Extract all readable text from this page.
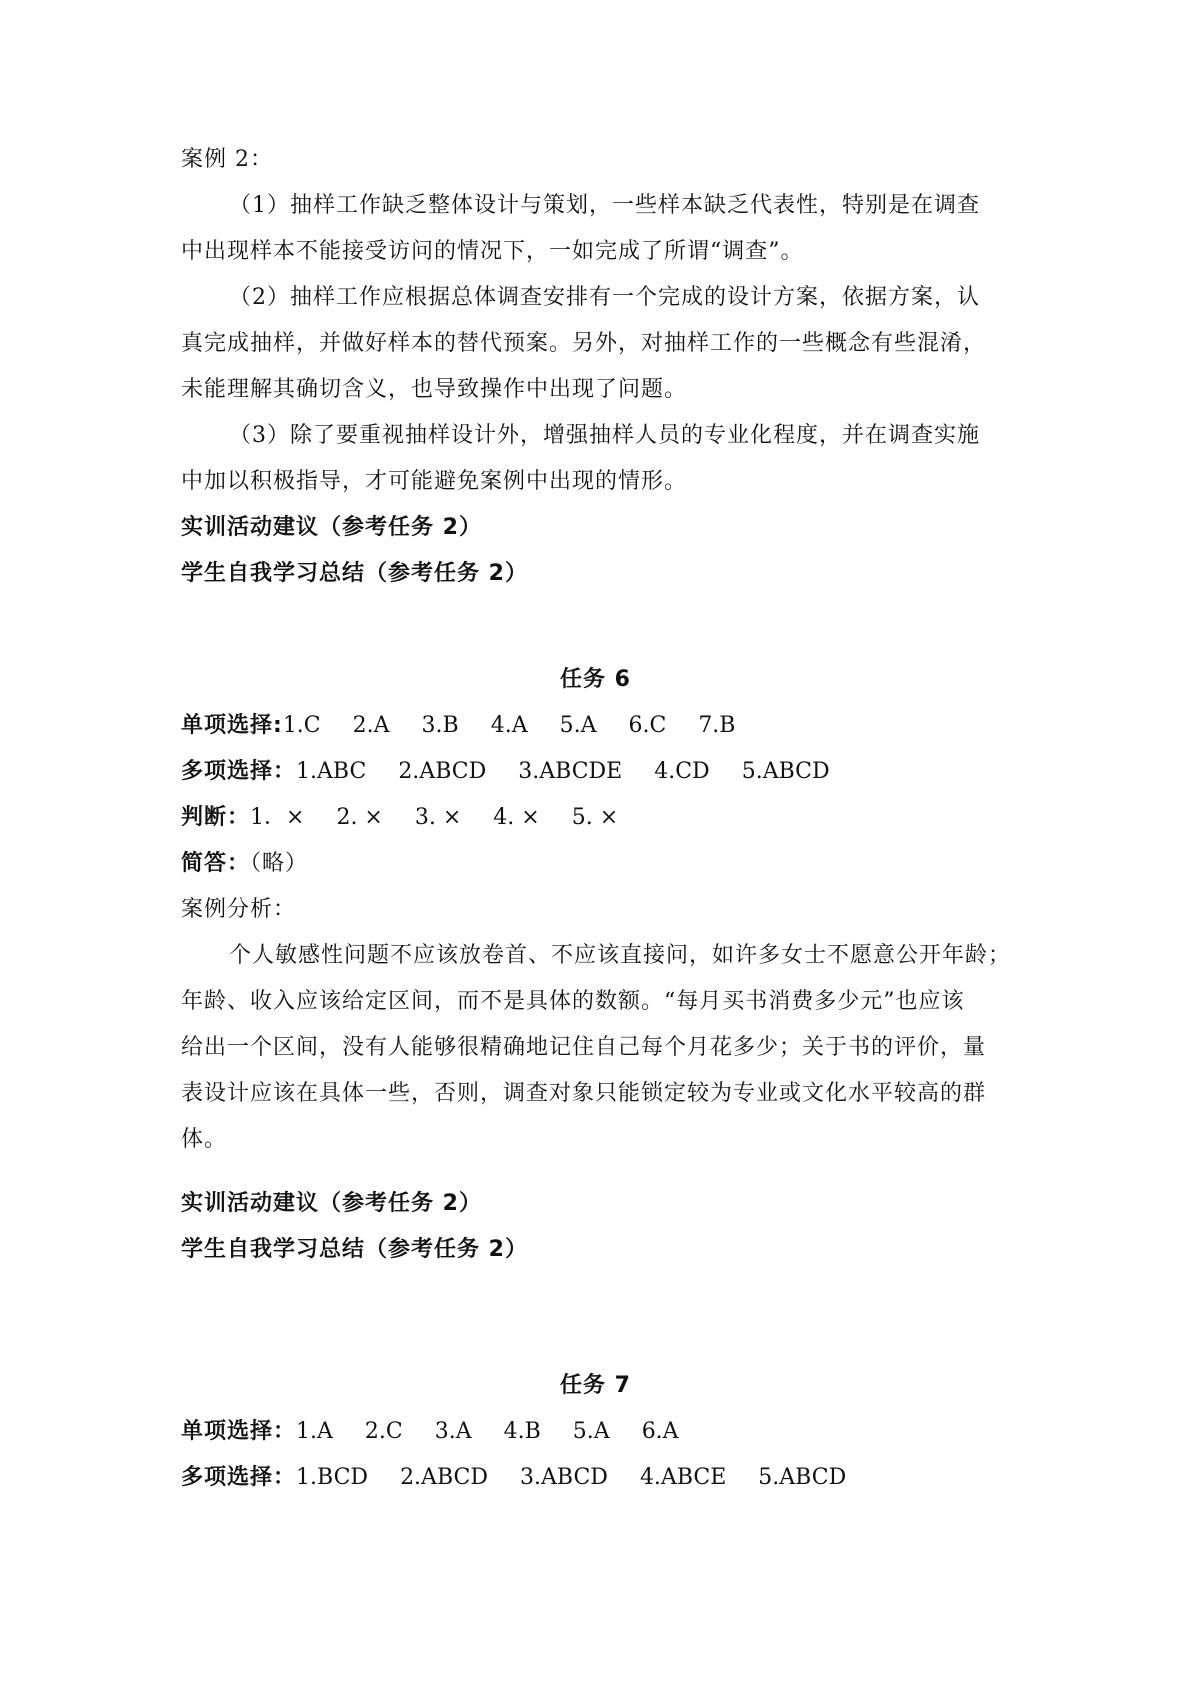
案例 2：
（1）抽样工作缺乏整体设计与策划，一些样本缺乏代表性，特别是在调查
中出现样本不能接受访问的情况下，一如完成了所谓“调查”。
（2）抽样工作应根据总体调查安排有一个完成的设计方案，依据方案，认
真完成抽样，并做好样本的替代预案。另外，对抽样工作的一些概念有些混淆，
未能理解其确切含义，也导致操作中出现了问题。
（3）除了要重视抽样设计外，增强抽样人员的专业化程度，并在调查实施
中加以积极指导，才可能避免案例中出现的情形。
实训活动建议（参考任务 2）
学生自我学习总结（参考任务 2）
任务 6
单项选择:1.C 2.A 3.B 4.A 5.A 6.C 7.B
多项选择：1.ABC 2.ABCD 3.ABCDE 4.CD 5.ABCD
判断：1．× 2. × 3. × 4. × 5. ×
简答：（略）
案例分析：
个人敏感性问题不应该放卷首、不应该直接问，如许多女士不愿意公开年龄；
年龄、收入应该给定区间，而不是具体的数额。“每月买书消费多少元”也应该
给出一个区间，没有人能够很精确地记住自己每个月花多少；关于书的评价，量
表设计应该在具体一些，否则，调查对象只能锁定较为专业或文化水平较高的群
体。
实训活动建议（参考任务 2）
学生自我学习总结（参考任务 2）
任务 7
单项选择：1.A 2.C 3.A 4.B 5.A 6.A
多项选择：1.BCD 2.ABCD 3.ABCD 4.ABCE 5.ABCD
